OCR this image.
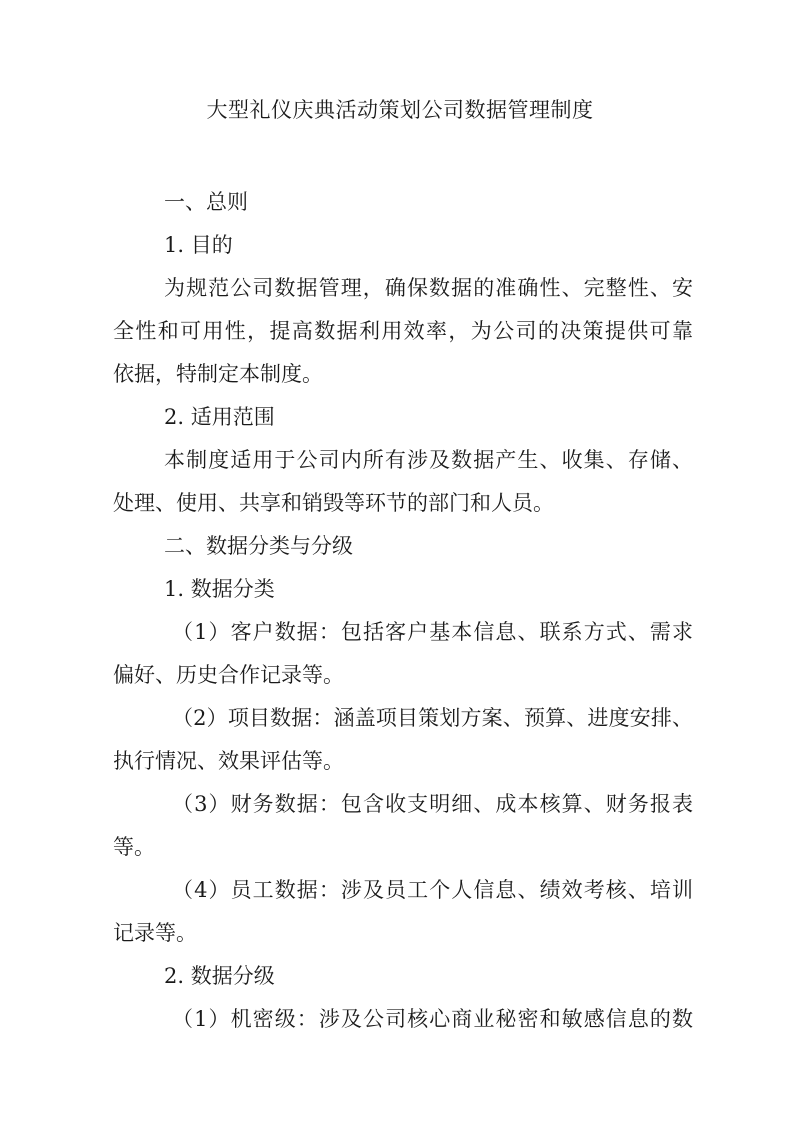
大型礼仪庆典活动策划公司数据管理制度
一、总则
1. 目的
为规范公司数据管理，确保数据的准确性、完整性、安
全性和可用性，提高数据利用效率，为公司的决策提供可靠
依据，特制定本制度。
2. 适用范围
本制度适用于公司内所有涉及数据产生、收集、存储、
处理、使用、共享和销毁等环节的部门和人员。
二、数据分类与分级
1. 数据分类
（1）客户数据：包括客户基本信息、联系方式、需求
偏好、历史合作记录等。
（2）项目数据：涵盖项目策划方案、预算、进度安排、
执行情况、效果评估等。
（3）财务数据：包含收支明细、成本核算、财务报表
等。
（4）员工数据：涉及员工个人信息、绩效考核、培训
记录等。
2. 数据分级
（1）机密级：涉及公司核心商业秘密和敏感信息的数
